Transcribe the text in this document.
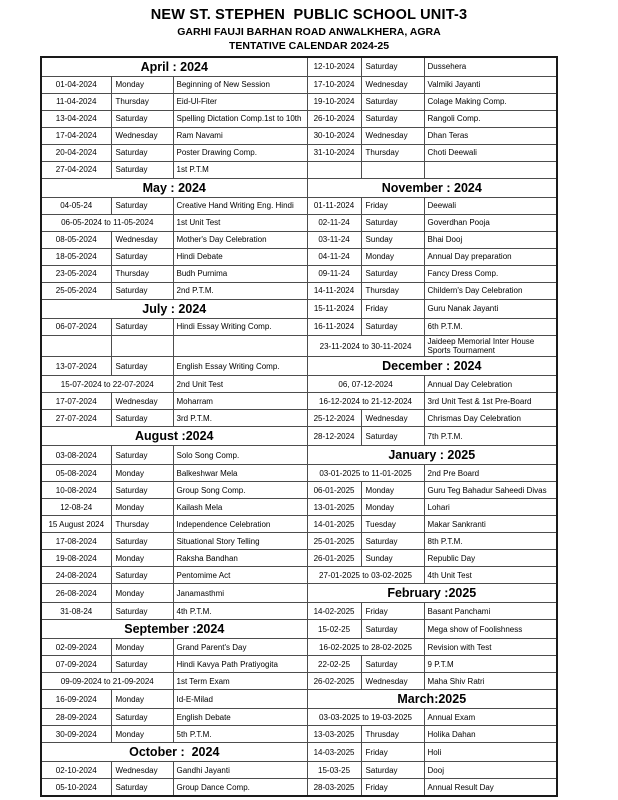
NEW ST. STEPHEN  PUBLIC SCHOOL UNIT-3
GARHI FAUJI BARHAN ROAD ANWALKHERA, AGRA
TENTATIVE CALENDAR 2024-25
April : 2024			12-10-2024	Saturday	Dussehera
01-04-2024	Monday	Beginning of New Session	17-10-2024	Wednesday	Valmiki Jayanti
11-04-2024	Thursday	Eid-Ul-Fiter	19-10-2024	Saturday	Colage Making Comp.
13-04-2024	Saturday	Spelling Dictation Comp.1st to 10th	26-10-2024	Saturday	Rangoli Comp.
17-04-2024	Wednesday	Ram Navami	30-10-2024	Wednesday	Dhan Teras
20-04-2024	Saturday	Poster Drawing Comp.	31-10-2024	Thursday	Choti Deewali
27-04-2024	Saturday	1st P.T.M			
May : 2024			November : 2024		
04-05-24	Saturday	Creative Hand Writing Eng. Hindi	01-11-2024	Friday	Deewali
06-05-2024 to 11-05-2024		1st Unit Test	02-11-24	Saturday	Goverdhan Pooja
08-05-2024	Wednesday	Mother's Day Celebration	03-11-24	Sunday	Bhai Dooj
18-05-2024	Saturday	Hindi Debate	04-11-24	Monday	Annual Day preparation
23-05-2024	Thursday	Budh Purnima	09-11-24	Saturday	Fancy Dress Comp.
25-05-2024	Saturday	2nd P.T.M.	14-11-2024	Thursday	Childern's Day Celebration
July : 2024			15-11-2024	Friday	Guru Nanak Jayanti
06-07-2024	Saturday	Hindi Essay Writing Comp.	16-11-2024	Saturday	6th P.T.M.
			23-11-2024 to 30-11-2024		Jaideep Memorial Inter House Sports Tournament
13-07-2024	Saturday	English Essay Writing Comp.	December : 2024		
15-07-2024 to 22-07-2024		2nd Unit Test	06, 07-12-2024		Annual Day Celebration
17-07-2024	Wednesday	Moharram	16-12-2024 to 21-12-2024		3rd Unit Test & 1st Pre-Board
27-07-2024	Saturday	3rd P.T.M.	25-12-2024	Wednesday	Chrismas Day Celebration
August :2024			28-12-2024	Saturday	7th P.T.M.
03-08-2024	Saturday	Solo Song Comp.	January : 2025		
05-08-2024	Monday	Balkeshwar Mela	03-01-2025 to 11-01-2025		2nd Pre Board
10-08-2024	Saturday	Group Song Comp.	06-01-2025	Monday	Guru Teg Bahadur Saheedi Divas
12-08-24	Monday	Kailash Mela	13-01-2025	Monday	Lohari
15 August 2024	Thursday	Independence Celebration	14-01-2025	Tuesday	Makar Sankranti
17-08-2024	Saturday	Situational Story Telling	25-01-2025	Saturday	8th P.T.M.
19-08-2024	Monday	Raksha Bandhan	26-01-2025	Sunday	Republic Day
24-08-2024	Saturday	Pentomime Act	27-01-2025 to 03-02-2025		4th Unit Test
26-08-2024	Monday	Janamasthmi	February :2025		
31-08-24	Saturday	4th P.T.M.	14-02-2025	Friday	Basant Panchami
September :2024			15-02-25	Saturday	Mega show of Foolishness
02-09-2024	Monday	Grand Parent's Day	16-02-2025 to 28-02-2025		Revision with Test
07-09-2024	Saturday	Hindi Kavya Path Pratiyogita	22-02-25	Saturday	9 P.T.M
09-09-2024 to 21-09-2024		1st Term Exam	26-02-2025	Wednesday	Maha Shiv Ratri
16-09-2024	Monday	Id-E-Milad	March:2025		
28-09-2024	Saturday	English Debate	03-03-2025 to 19-03-2025		Annual Exam
30-09-2024	Monday	5th P.T.M.	13-03-2025	Thrusday	Holika Dahan
October :  2024			14-03-2025	Friday	Holi
02-10-2024	Wednesday	Gandhi Jayanti	15-03-25	Saturday	Dooj
05-10-2024	Saturday	Group Dance Comp.	28-03-2025	Friday	Annual Result Day
